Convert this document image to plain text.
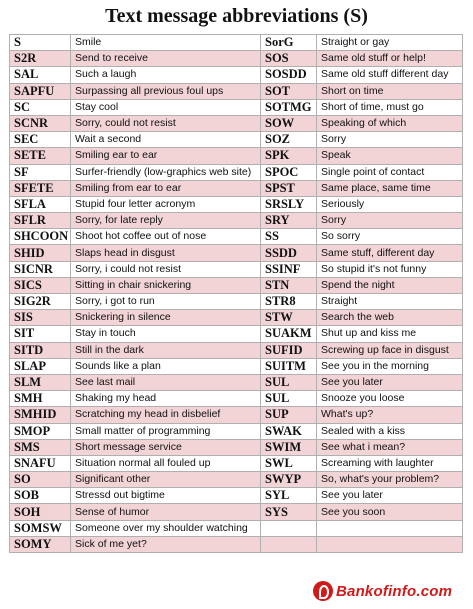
Text message abbreviations (S)
S	Smile	SorG	Straight or gay
S2R	Send to receive	SOS	Same old stuff or help!
SAL	Such a laugh	SOSDD	Same old stuff different day
SAPFU	Surpassing all previous foul ups	SOT	Short on time
SC	Stay cool	SOTMG	Short of time, must go
SCNR	Sorry, could not resist	SOW	Speaking of which
SEC	Wait a second	SOZ	Sorry
SETE	Smiling ear to ear	SPK	Speak
SF	Surfer-friendly (low-graphics web site)	SPOC	Single point of contact
SFETE	Smiling from ear to ear	SPST	Same place, same time
SFLA	Stupid four letter acronym	SRSLY	Seriously
SFLR	Sorry, for late reply	SRY	Sorry
SHCOON	Shoot hot coffee out of nose	SS	So sorry
SHID	Slaps head in disgust	SSDD	Same stuff, different day
SICNR	Sorry, i could not resist	SSINF	So stupid it's not funny
SICS	Sitting in chair snickering	STN	Spend the night
SIG2R	Sorry, i got to run	STR8	Straight
SIS	Snickering in silence	STW	Search the web
SIT	Stay in touch	SUAKM	Shut up and kiss me
SITD	Still in the dark	SUFID	Screwing up face in disgust
SLAP	Sounds like a plan	SUITM	See you in the morning
SLM	See last mail	SUL	See you later
SMH	Shaking my head	SUL	Snooze you loose
SMHID	Scratching my head in disbelief	SUP	What's up?
SMOP	Small matter of programming	SWAK	Sealed with a kiss
SMS	Short message service	SWIM	See what i mean?
SNAFU	Situation normal all fouled up	SWL	Screaming with laughter
SO	Significant other	SWYP	So, what's your problem?
SOB	Stressd out bigtime	SYL	See you later
SOH	Sense of humor	SYS	See you soon
SOMSW	Someone over my shoulder watching		
SOMY	Sick of me yet?		
Bankofinfo.com
